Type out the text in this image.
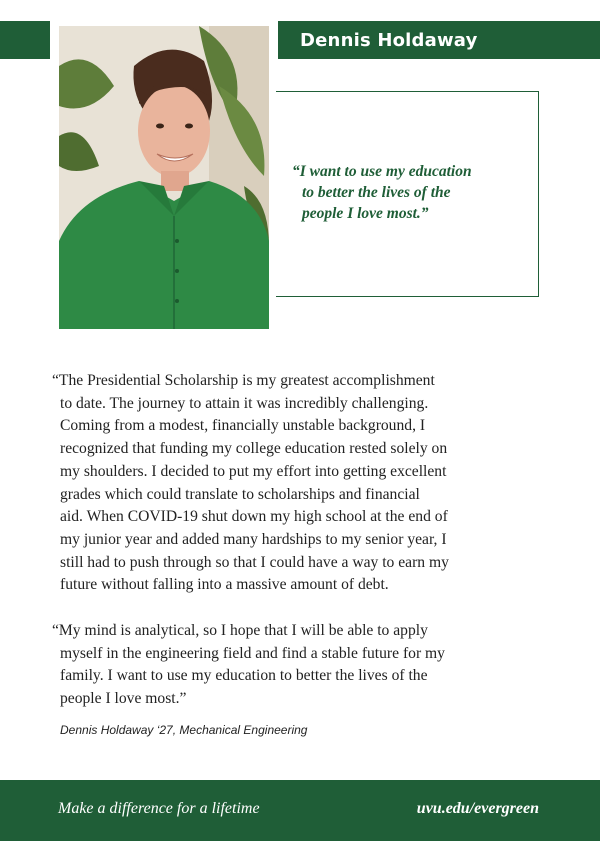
Dennis Holdaway
“I want to use my education
to better the lives of the
people I love most.”
“The Presidential Scholarship is my greatest accomplishment
to date. The journey to attain it was incredibly challenging.
Coming from a modest, financially unstable background, I
recognized that funding my college education rested solely on
my shoulders. I decided to put my effort into getting excellent
grades which could translate to scholarships and financial
aid. When COVID-19 shut down my high school at the end of
my junior year and added many hardships to my senior year, I
still had to push through so that I could have a way to earn my
future without falling into a massive amount of debt.
“My mind is analytical, so I hope that I will be able to apply
myself in the engineering field and find a stable future for my
family. I want to use my education to better the lives of the
people I love most.”
Dennis Holdaway ‘27, Mechanical Engineering
Make a difference for a lifetime	uvu.edu/evergreen
